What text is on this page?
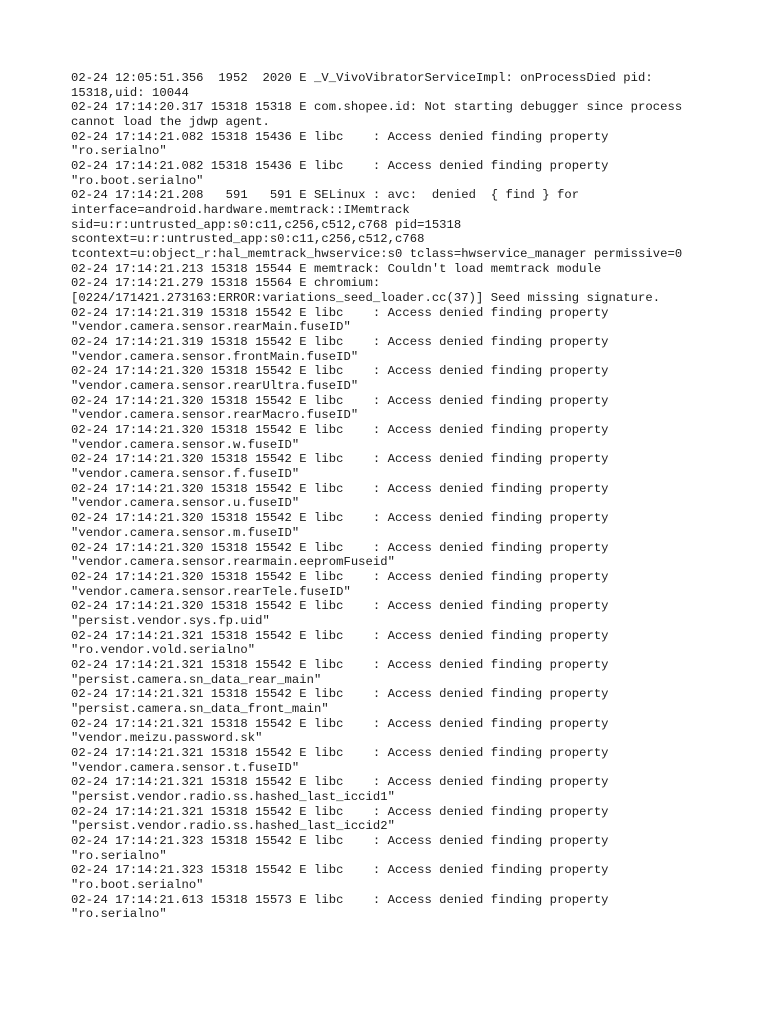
02-24 12:05:51.356  1952  2020 E _V_VivoVibratorServiceImpl: onProcessDied pid:
15318,uid: 10044
02-24 17:14:20.317 15318 15318 E com.shopee.id: Not starting debugger since process
cannot load the jdwp agent.
02-24 17:14:21.082 15318 15436 E libc    : Access denied finding property
"ro.serialno"
02-24 17:14:21.082 15318 15436 E libc    : Access denied finding property
"ro.boot.serialno"
02-24 17:14:21.208   591   591 E SELinux : avc:  denied  { find } for
interface=android.hardware.memtrack::IMemtrack
sid=u:r:untrusted_app:s0:c11,c256,c512,c768 pid=15318
scontext=u:r:untrusted_app:s0:c11,c256,c512,c768
tcontext=u:object_r:hal_memtrack_hwservice:s0 tclass=hwservice_manager permissive=0
02-24 17:14:21.213 15318 15544 E memtrack: Couldn't load memtrack module
02-24 17:14:21.279 15318 15564 E chromium:
[0224/171421.273163:ERROR:variations_seed_loader.cc(37)] Seed missing signature.
02-24 17:14:21.319 15318 15542 E libc    : Access denied finding property
"vendor.camera.sensor.rearMain.fuseID"
02-24 17:14:21.319 15318 15542 E libc    : Access denied finding property
"vendor.camera.sensor.frontMain.fuseID"
02-24 17:14:21.320 15318 15542 E libc    : Access denied finding property
"vendor.camera.sensor.rearUltra.fuseID"
02-24 17:14:21.320 15318 15542 E libc    : Access denied finding property
"vendor.camera.sensor.rearMacro.fuseID"
02-24 17:14:21.320 15318 15542 E libc    : Access denied finding property
"vendor.camera.sensor.w.fuseID"
02-24 17:14:21.320 15318 15542 E libc    : Access denied finding property
"vendor.camera.sensor.f.fuseID"
02-24 17:14:21.320 15318 15542 E libc    : Access denied finding property
"vendor.camera.sensor.u.fuseID"
02-24 17:14:21.320 15318 15542 E libc    : Access denied finding property
"vendor.camera.sensor.m.fuseID"
02-24 17:14:21.320 15318 15542 E libc    : Access denied finding property
"vendor.camera.sensor.rearmain.eepromFuseid"
02-24 17:14:21.320 15318 15542 E libc    : Access denied finding property
"vendor.camera.sensor.rearTele.fuseID"
02-24 17:14:21.320 15318 15542 E libc    : Access denied finding property
"persist.vendor.sys.fp.uid"
02-24 17:14:21.321 15318 15542 E libc    : Access denied finding property
"ro.vendor.vold.serialno"
02-24 17:14:21.321 15318 15542 E libc    : Access denied finding property
"persist.camera.sn_data_rear_main"
02-24 17:14:21.321 15318 15542 E libc    : Access denied finding property
"persist.camera.sn_data_front_main"
02-24 17:14:21.321 15318 15542 E libc    : Access denied finding property
"vendor.meizu.password.sk"
02-24 17:14:21.321 15318 15542 E libc    : Access denied finding property
"vendor.camera.sensor.t.fuseID"
02-24 17:14:21.321 15318 15542 E libc    : Access denied finding property
"persist.vendor.radio.ss.hashed_last_iccid1"
02-24 17:14:21.321 15318 15542 E libc    : Access denied finding property
"persist.vendor.radio.ss.hashed_last_iccid2"
02-24 17:14:21.323 15318 15542 E libc    : Access denied finding property
"ro.serialno"
02-24 17:14:21.323 15318 15542 E libc    : Access denied finding property
"ro.boot.serialno"
02-24 17:14:21.613 15318 15573 E libc    : Access denied finding property
"ro.serialno"
